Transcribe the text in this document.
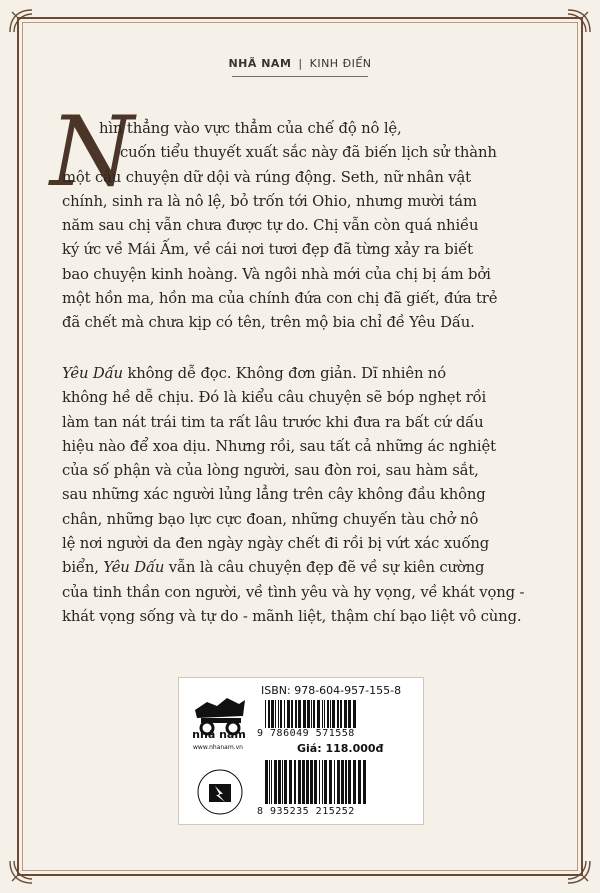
NHÃ NAM | KINH ĐIỂN
N

hìn thẳng vào vực thẳm của chế độ nô lệ,
cuốn tiểu thuyết xuất sắc này đã biến lịch sử thành
một câu chuyện dữ dội và rúng động. Seth, nữ nhân vật
chính, sinh ra là nô lệ, bỏ trốn tới Ohio, nhưng mười tám
năm sau chị vẫn chưa được tự do. Chị vẫn còn quá nhiều
ký ức về Mái Ấm, về cái nơi tươi đẹp đã từng xảy ra biết
bao chuyện kinh hoàng. Và ngôi nhà mới của chị bị ám bởi
một hồn ma, hồn ma của chính đứa con chị đã giết, đứa trẻ
đã chết mà chưa kịp có tên, trên mộ bia chỉ đề Yêu Dấu.

Yêu Dấu không dễ đọc. Không đơn giản. Dĩ nhiên nó
không hề dễ chịu. Đó là kiểu câu chuyện sẽ bóp nghẹt rồi
làm tan nát trái tim ta rất lâu trước khi đưa ra bất cứ dấu
hiệu nào để xoa dịu. Nhưng rồi, sau tất cả những ác nghiệt
của số phận và của lòng người, sau đòn roi, sau hàm sắt,
sau những xác người lủng lẳng trên cây không đầu không
chân, những bạo lực cực đoan, những chuyến tàu chở nô
lệ nơi người da đen ngày ngày chết đi rồi bị vứt xác xuống
biển, Yêu Dấu vẫn là câu chuyện đẹp đẽ về sự kiên cường
của tinh thần con người, về tình yêu và hy vọng, về khát vọng -
khát vọng sống và tự do - mãnh liệt, thậm chí bạo liệt vô cùng.

nhã nam
www.nhanam.vn
ISBN: 978-604-957-155-8
9 786049 571558
Giá: 118.000đ
8 935235 215252
